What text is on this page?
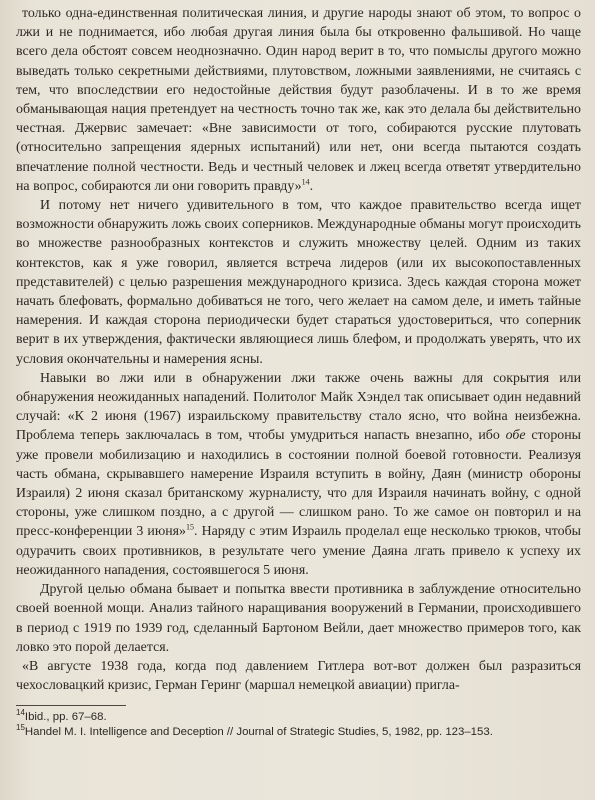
только одна-единственная политическая линия, и другие народы знают об этом, то вопрос о лжи и не поднимается, ибо любая другая линия была бы откровенно фальшивой. Но чаще всего дела обстоят совсем неоднозначно. Один народ верит в то, что помыслы другого можно выведать только секретными действиями, плутовством, ложными заявлениями, не считаясь с тем, что впоследствии его недостойные действия будут разоблачены. И в то же время обманывающая нация претендует на честность точно так же, как это делала бы действительно честная. Джервис замечает: «Вне зависимости от того, собираются русские плутовать (относительно запрещения ядерных испытаний) или нет, они всегда пытаются создать впечатление полной честности. Ведь и честный человек и лжец всегда ответят утвердительно на вопрос, собираются ли они говорить правду»$^{14}$.

И потому нет ничего удивительного в том, что каждое правительство всегда ищет возможности обнаружить ложь своих соперников. Международные обманы могут происходить во множестве разнообразных контекстов и служить множеству целей. Одним из таких контекстов, как я уже говорил, является встреча лидеров (или их высокопоставленных представителей) с целью разрешения международного кризиса. Здесь каждая сторона может начать блефовать, формально добиваться не того, чего желает на самом деле, и иметь тайные намерения. И каждая сторона периодически будет стараться удостовериться, что соперник верит в их утверждения, фактически являющиеся лишь блефом, и продолжать уверять, что их условия окончательны и намерения ясны.

Навыки во лжи или в обнаружении лжи также очень важны для сокрытия или обнаружения неожиданных нападений. Политолог Майк Хэндел так описывает один недавний случай: «К 2 июня (1967) израильскому правительству стало ясно, что война неизбежна. Проблема теперь заключалась в том, чтобы умудриться напасть внезапно, ибо обе стороны уже провели мобилизацию и находились в состоянии полной боевой готовности. Реализуя часть обмана, скрывавшего намерение Израиля вступить в войну, Даян (министр обороны Израиля) 2 июня сказал британскому журналисту, что для Израиля начинать войну, с одной стороны, уже слишком поздно, а с другой — слишком рано. То же самое он повторил и на пресс-конференции 3 июня»$^{15}$. Наряду с этим Израиль проделал еще несколько трюков, чтобы одурачить своих противников, в результате чего умение Даяна лгать привело к успеху их неожиданного нападения, состоявшегося 5 июня.

Другой целью обмана бывает и попытка ввести противника в заблуждение относительно своей военной мощи. Анализ тайного наращивания вооружений в Германии, происходившего в период с 1919 по 1939 год, сделанный Бартоном Вейли, дает множество примеров того, как ловко это порой делается.

«В августе 1938 года, когда под давлением Гитлера вот-вот должен был разразиться чехословацкий кризис, Герман Геринг (маршал немецкой авиации) пригла-

$^{14}$Ibid., pp. 67–68.

$^{15}$Handel M. I. Intelligence and Deception // Journal of Strategic Studies, 5, 1982, pp. 123–153.
